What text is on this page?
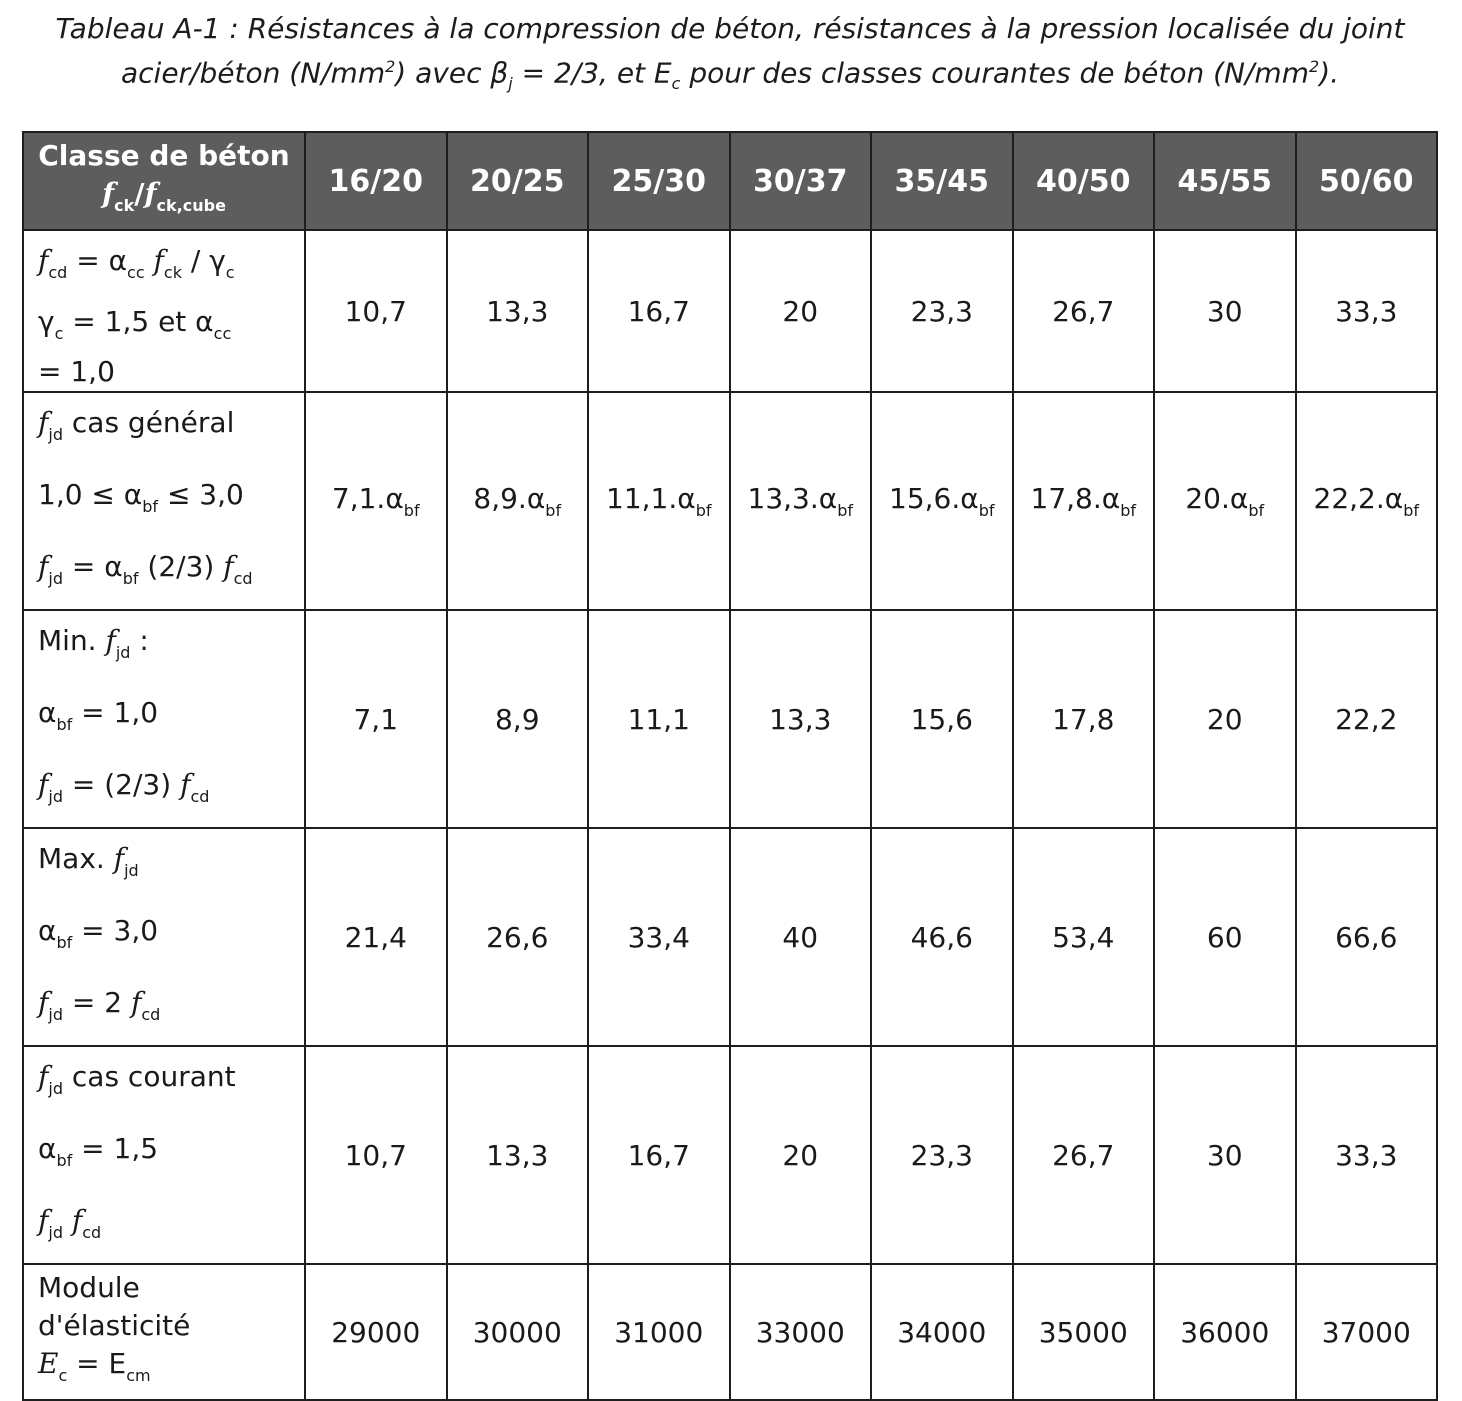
Tableau A-1 : Résistances à la compression de béton, résistances à la pression localisée du joint
acier/béton $(N/mm^2)$ avec $\beta_j = 2/3$, et $E_c$ pour des classes courantes de béton $(N/mm^2)$.
Classe de béton
$f_{ck}/f_{ck,cube}$	16/20	20/25	25/30	30/37	35/45	40/50	45/55	50/60

$f_{cd} = \alpha_{cc}$ $f_{ck} / \gamma_c$
$\gamma_c = 1,5$ et $\alpha_{cc}$
= 1,0	10,7	13,3	16,7	20	23,3	26,7	30	33,3

$f_{jd}$ cas général
$1,0 \le \alpha_{bf} \le 3,0$
$f_{jd} = \alpha_{bf}$ (2/3) $f_{cd}$	$7,1.\alpha_{bf}$	$8,9.\alpha_{bf}$	$11,1.\alpha_{bf}$	$13,3.\alpha_{bf}$	$15,6.\alpha_{bf}$	$17,8.\alpha_{bf}$	$20.\alpha_{bf}$	$22,2.\alpha_{bf}$

Min. $f_{jd}$ :
$\alpha_{bf} = 1,0$
$f_{jd} = (2/3)$ $f_{cd}$	7,1	8,9	11,1	13,3	15,6	17,8	20	22,2

Max. $f_{jd}$
$\alpha_{bf} = 3,0$
$f_{jd} = 2$ $f_{cd}$	21,4	26,6	33,4	40	46,6	53,4	60	66,6

$f_{jd}$ cas courant
$\alpha_{bf} = 1,5$
$f_{jd}$ $f_{cd}$	10,7	13,3	16,7	20	23,3	26,7	30	33,3

Module
d'élasticité
$E_c = E_{cm}$	29000	30000	31000	33000	34000	35000	36000	37000
